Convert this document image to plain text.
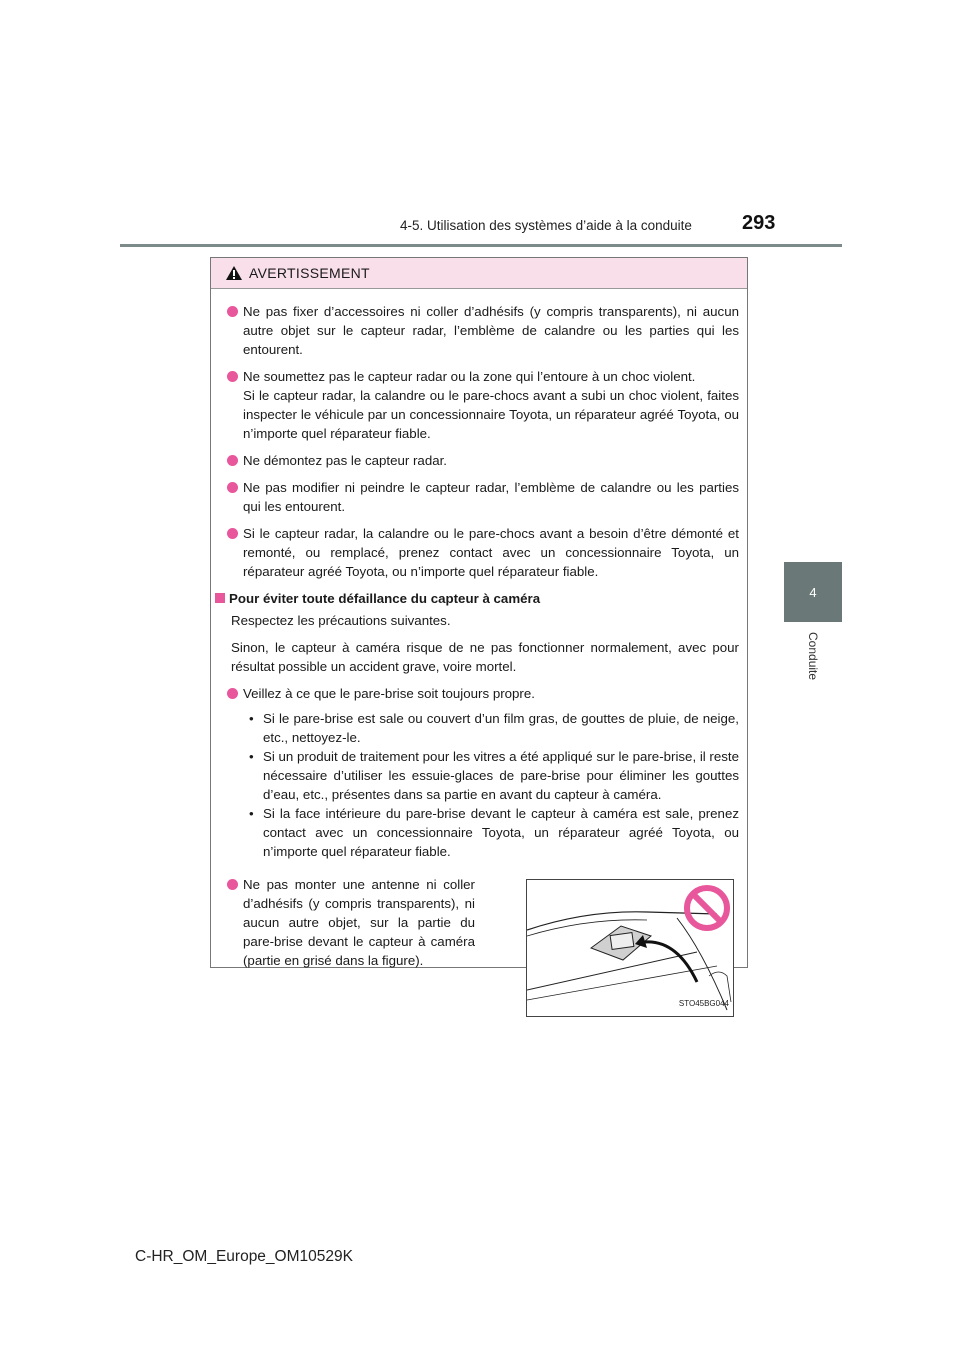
4-5. Utilisation des systèmes d’aide à la conduite	293
4
Conduite
AVERTISSEMENT
Ne pas fixer d’accessoires ni coller d’adhésifs (y compris transparents), ni aucun autre objet sur le capteur radar, l’emblème de calandre ou les parties qui les entourent.
Ne soumettez pas le capteur radar ou la zone qui l’entoure à un choc violent.
Si le capteur radar, la calandre ou le pare-chocs avant a subi un choc violent, faites inspecter le véhicule par un concessionnaire Toyota, un réparateur agréé Toyota, ou n’importe quel réparateur fiable.
Ne démontez pas le capteur radar.
Ne pas modifier ni peindre le capteur radar, l’emblème de calandre ou les parties qui les entourent.
Si le capteur radar, la calandre ou le pare-chocs avant a besoin d’être démonté et remonté, ou remplacé, prenez contact avec un concessionnaire Toyota, un réparateur agréé Toyota, ou n’importe quel réparateur fiable.
Pour éviter toute défaillance du capteur à caméra
Respectez les précautions suivantes.
Sinon, le capteur à caméra risque de ne pas fonctionner normalement, avec pour résultat possible un accident grave, voire mortel.
Veillez à ce que le pare-brise soit toujours propre.
• Si le pare-brise est sale ou couvert d’un film gras, de gouttes de pluie, de neige, etc., nettoyez-le.
• Si un produit de traitement pour les vitres a été appliqué sur le pare-brise, il reste nécessaire d’utiliser les essuie-glaces de pare-brise pour éliminer les gouttes d’eau, etc., présentes dans sa partie en avant du capteur à caméra.
• Si la face intérieure du pare-brise devant le capteur à caméra est sale, prenez contact avec un concessionnaire Toyota, un réparateur agréé Toyota, ou n’importe quel réparateur fiable.
Ne pas monter une antenne ni coller d’adhésifs (y compris transparents), ni aucun autre objet, sur la partie du pare-brise devant le capteur à caméra (partie en grisé dans la figure).
STO45BG044
C-HR_OM_Europe_OM10529K
